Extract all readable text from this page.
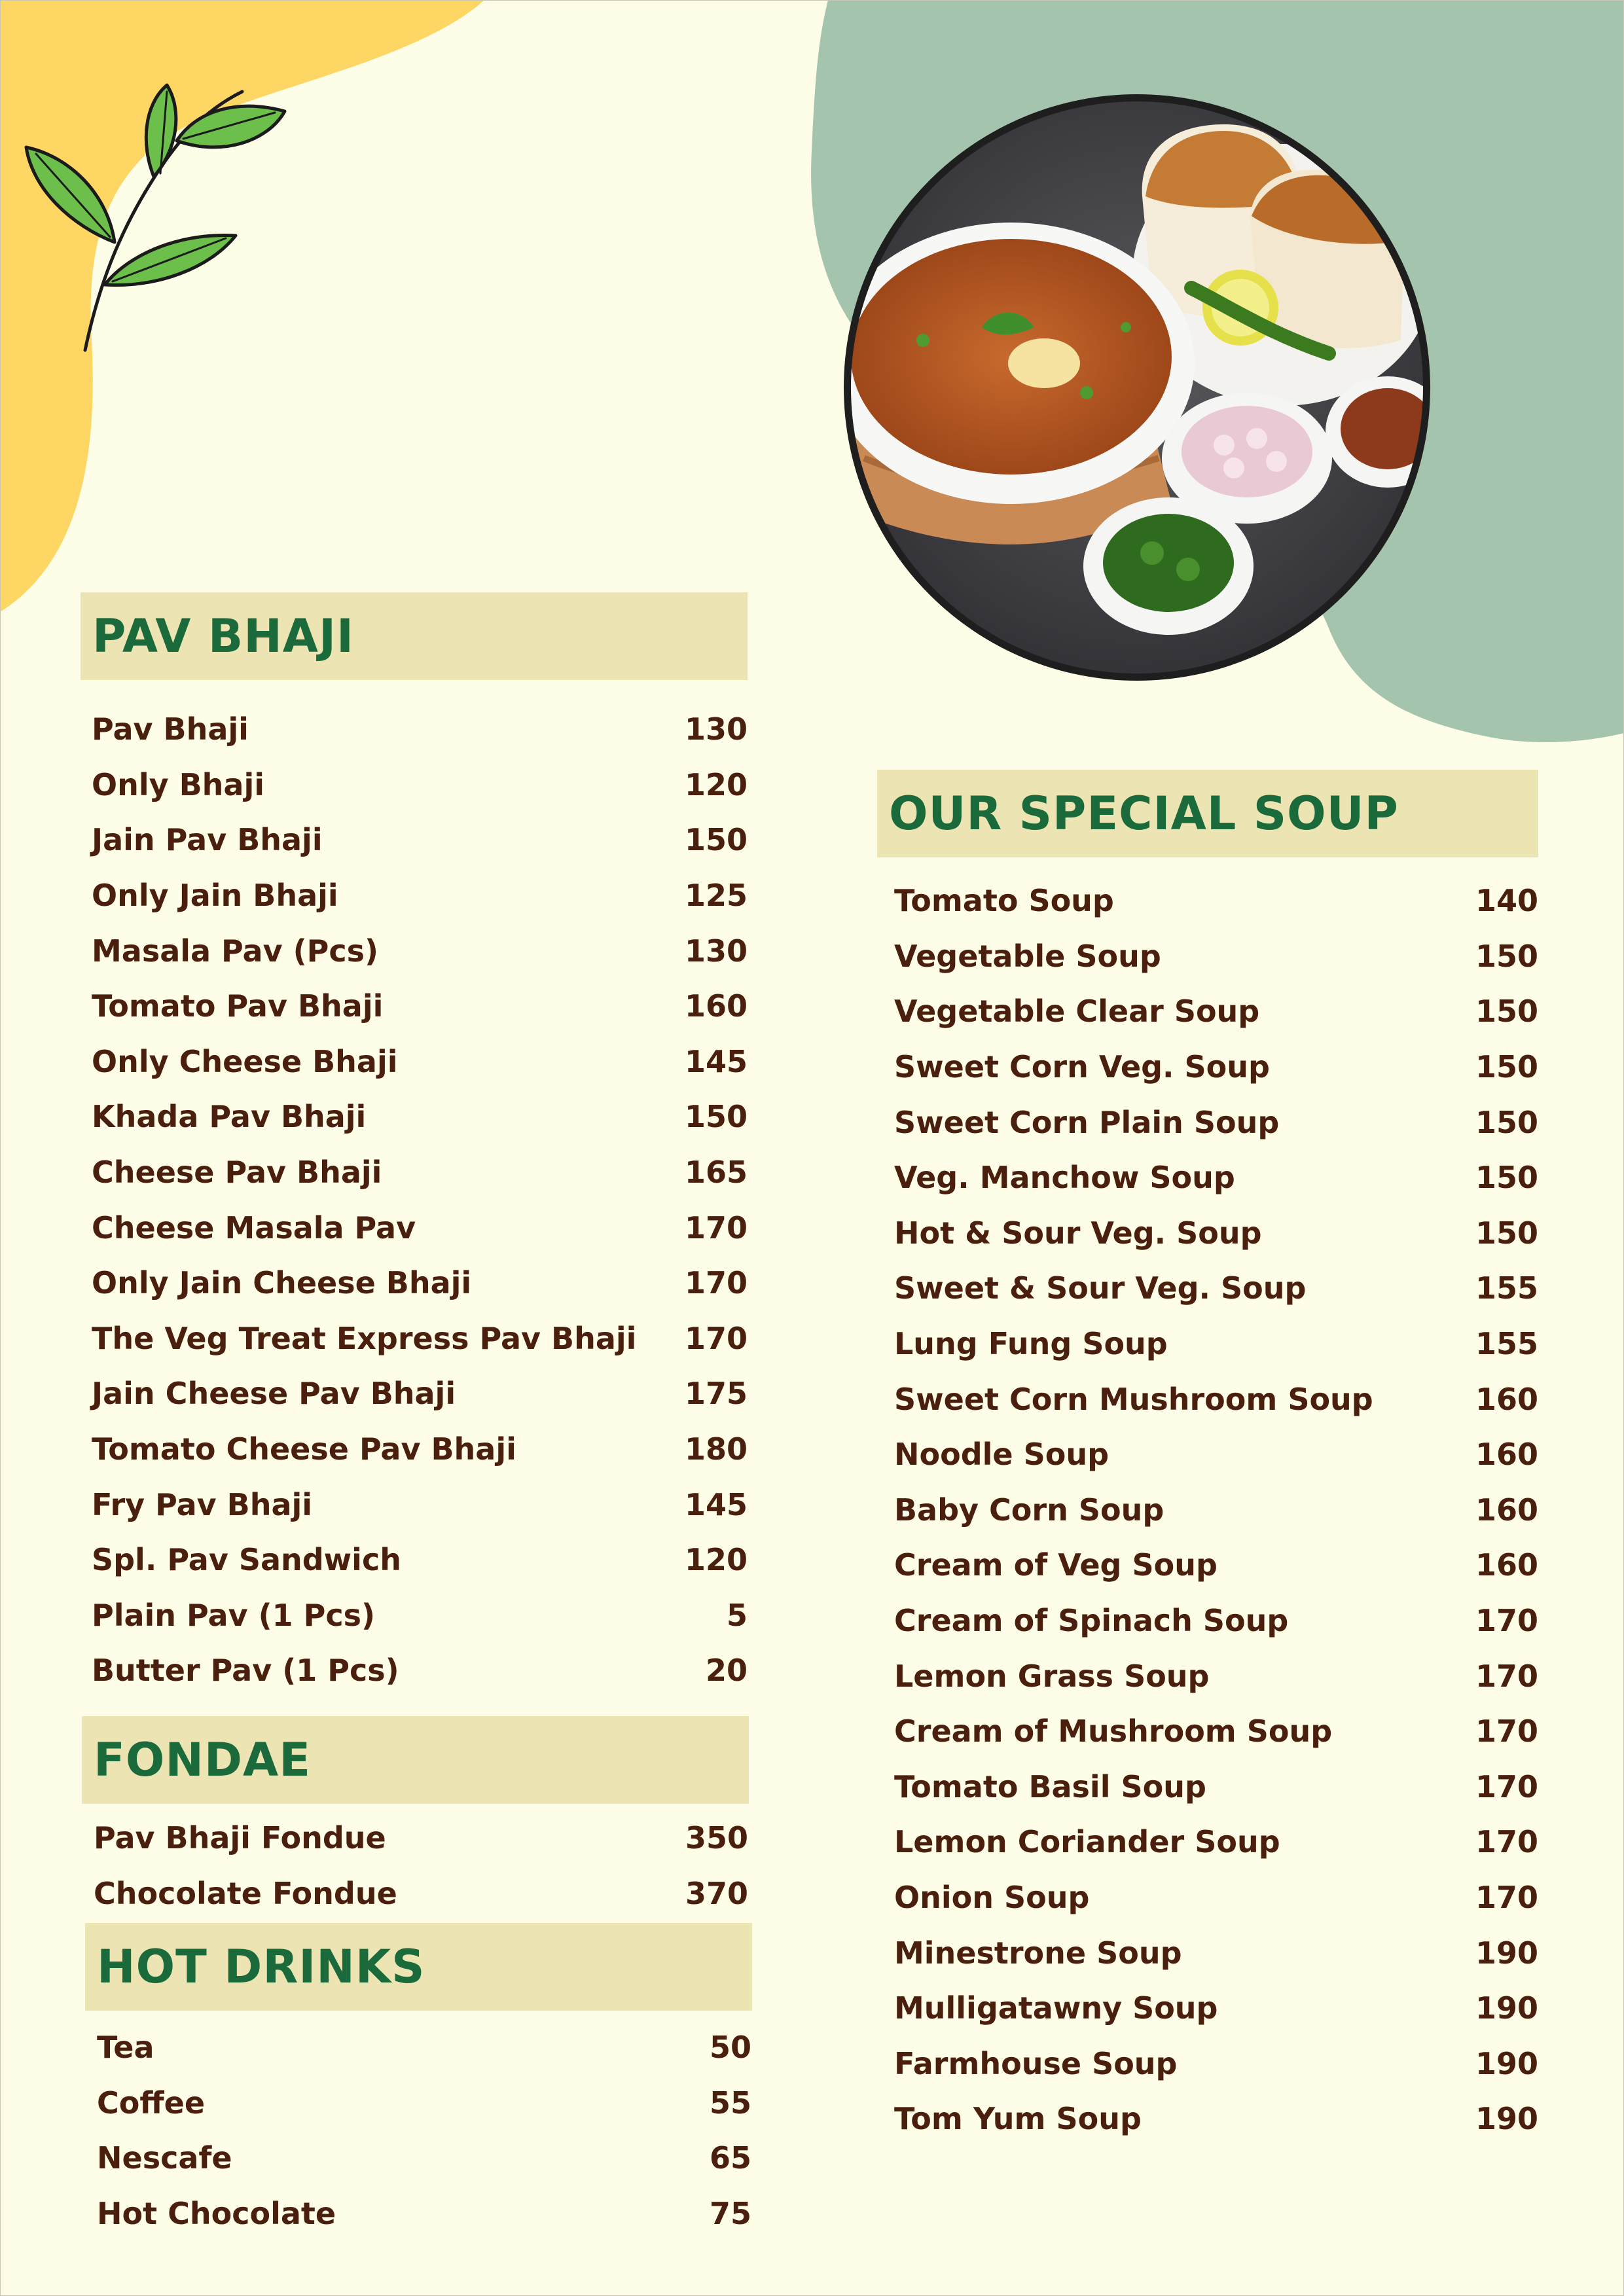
PAV BHAJI
Pav Bhaji	130
Only Bhaji	120
Jain Pav Bhaji	150
Only Jain Bhaji	125
Masala Pav (Pcs)	130
Tomato Pav Bhaji	160
Only Cheese Bhaji	145
Khada Pav Bhaji	150
Cheese Pav Bhaji	165
Cheese Masala Pav	170
Only Jain Cheese Bhaji	170
The Veg Treat Express Pav Bhaji 170
Jain Cheese Pav Bhaji	175
Tomato Cheese Pav Bhaji	180
Fry Pav Bhaji	145
Spl. Pav Sandwich	120
Plain Pav (1 Pcs)	5
Butter Pav (1 Pcs)	20
FONDAE
Pav Bhaji Fondue	350
Chocolate Fondue	370
HOT DRINKS
Tea	50
Coffee	55
Nescafe	65
Hot Chocolate	75
OUR SPECIAL SOUP
Tomato Soup	140
Vegetable Soup	150
Vegetable Clear Soup	150
Sweet Corn Veg. Soup	150
Sweet Corn Plain Soup	150
Veg. Manchow Soup	150
Hot & Sour Veg. Soup	150
Sweet & Sour Veg. Soup	155
Lung Fung Soup	155
Sweet Corn Mushroom Soup	160
Noodle Soup	160
Baby Corn Soup	160
Cream of Veg Soup	160
Cream of Spinach Soup	170
Lemon Grass Soup	170
Cream of Mushroom Soup	170
Tomato Basil Soup	170
Lemon Coriander Soup	170
Onion Soup	170
Minestrone Soup	190
Mulligatawny Soup	190
Farmhouse Soup	190
Tom Yum Soup	190
